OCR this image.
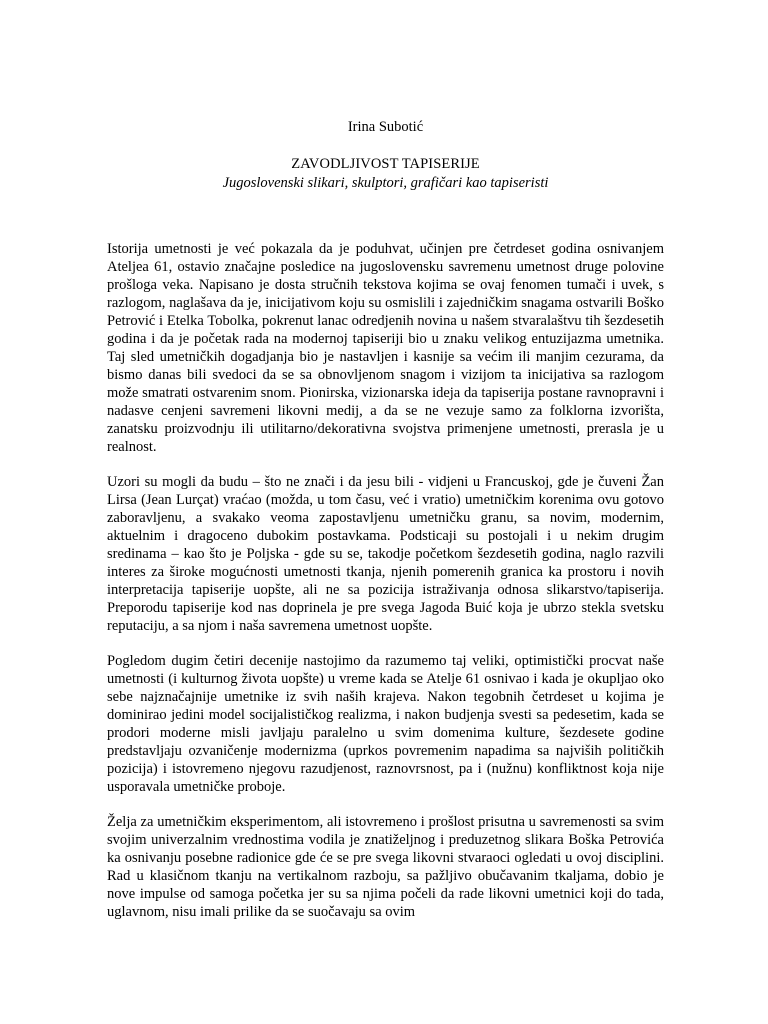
Irina Subotić

ZAVODLJIVOST TAPISERIJE

Jugoslovenski slikari, skulptori, grafičari kao tapiseristi

Istorija umetnosti je već pokazala da je poduhvat, učinjen pre četrdeset godina osnivanjem Ateljea 61, ostavio značajne posledice na jugoslovensku savremenu umetnost druge polovine prošloga veka. Napisano je dosta stručnih tekstova kojima se ovaj fenomen tumači i uvek, s razlogom, naglašava da je, inicijativom koju su osmislili i zajedničkim snagama ostvarili Boško Petrović i Etelka Tobolka, pokrenut lanac odredjenih novina u našem stvaralaštvu tih šezdesetih godina i da je početak rada na modernoj tapiseriji bio u znaku velikog entuzijazma umetnika. Taj sled umetničkih dogadjanja bio je nastavljen i kasnije sa većim ili manjim cezurama, da bismo danas bili svedoci da se sa obnovljenom snagom i vizijom ta inicijativa sa razlogom može smatrati ostvarenim snom. Pionirska, vizionarska ideja da tapiserija postane ravnopravni i nadasve cenjeni savremeni likovni medij, a da se ne vezuje samo za folklorna izvorišta, zanatsku proizvodnju ili utilitarno/dekorativna svojstva primenjene umetnosti, prerasla je u realnost.

Uzori su mogli da budu – što ne znači i da jesu bili - vidjeni u Francuskoj, gde je čuveni Žan Lirsa (Jean Lurçat) vraćao (možda, u tom času, već i vratio) umetničkim korenima ovu gotovo zaboravljenu, a svakako veoma zapostavljenu umetničku granu, sa novim, modernim, aktuelnim i dragoceno dubokim postavkama. Podsticaji su postojali i u nekim drugim sredinama – kao što je Poljska - gde su se, takodje početkom šezdesetih godina, naglo razvili interes za široke mogućnosti umetnosti tkanja, njenih pomerenih granica ka prostoru i novih interpretacija tapiserije uopšte, ali ne sa pozicija istraživanja odnosa slikarstvo/tapiserija. Preporodu tapiserije kod nas doprinela je pre svega Jagoda Buić koja je ubrzo stekla svetsku reputaciju, a sa njom i naša savremena umetnost uopšte.

Pogledom dugim četiri decenije nastojimo da razumemo taj veliki, optimistički procvat naše umetnosti (i kulturnog života uopšte) u vreme kada se Atelje 61 osnivao i kada je okupljao oko sebe najznačajnije umetnike iz svih naših krajeva. Nakon tegobnih četrdeset u kojima je dominirao jedini model socijalističkog realizma, i nakon budjenja svesti sa pedesetim, kada se prodori moderne misli javljaju paralelno u svim domenima kulture, šezdesete godine predstavljaju ozvaničenje modernizma (uprkos povremenim napadima sa najviših političkih pozicija) i istovremeno njegovu razudjenost, raznovrsnost, pa i (nužnu) konfliktnost koja nije usporavala umetničke proboje.

Želja za umetničkim eksperimentom, ali istovremeno i prošlost prisutna u savremenosti sa svim svojim univerzalnim vrednostima vodila je znatiželjnog i preduzetnog slikara Boška Petrovića ka osnivanju posebne radionice gde će se pre svega likovni stvaraoci ogledati u ovoj disciplini. Rad u klasičnom tkanju na vertikalnom razboju, sa pažljivo obučavanim tkaljama, dobio je nove impulse od samoga početka jer su sa njima počeli da rade likovni umetnici koji do tada, uglavnom, nisu imali prilike da se suočavaju sa ovim
